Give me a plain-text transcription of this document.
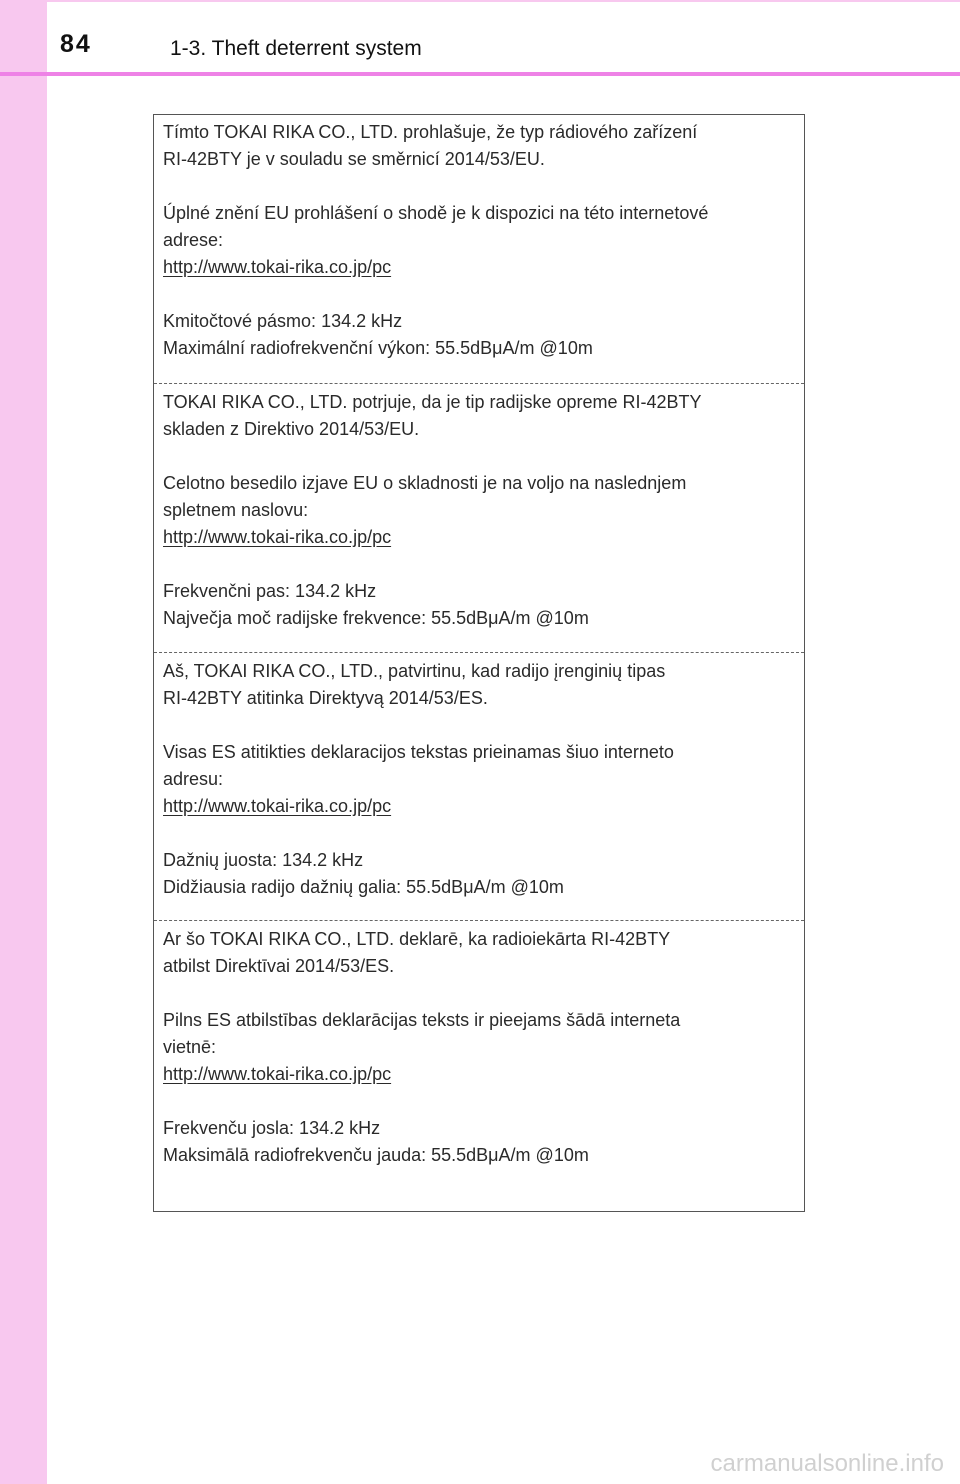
84	1-3. Theft deterrent system

Tímto TOKAI RIKA CO., LTD. prohlašuje, že typ rádiového zařízení

RI-42BTY je v souladu se směrnicí 2014/53/EU.

Úplné znění EU prohlášení o shodě je k dispozici na této internetové

adrese:

http://www.tokai-rika.co.jp/pc

Kmitočtové pásmo: 134.2 kHz

Maximální radiofrekvenční výkon: 55.5dBμA/m @10m

TOKAI RIKA CO., LTD. potrjuje, da je tip radijske opreme RI-42BTY

skladen z Direktivo 2014/53/EU.

Celotno besedilo izjave EU o skladnosti je na voljo na naslednjem

spletnem naslovu:

http://www.tokai-rika.co.jp/pc

Frekvenčni pas: 134.2 kHz

Največja moč radijske frekvence: 55.5dBμA/m @10m

Aš, TOKAI RIKA CO., LTD., patvirtinu, kad radijo įrenginių tipas

RI-42BTY atitinka Direktyvą 2014/53/ES.

Visas ES atitikties deklaracijos tekstas prieinamas šiuo interneto

adresu:

http://www.tokai-rika.co.jp/pc

Dažnių juosta: 134.2 kHz

Didžiausia radijo dažnių galia: 55.5dBμA/m @10m

Ar šo TOKAI RIKA CO., LTD. deklarē, ka radioiekārta RI-42BTY

atbilst Direktīvai 2014/53/ES.

Pilns ES atbilstības deklarācijas teksts ir pieejams šādā interneta

vietnē:

http://www.tokai-rika.co.jp/pc

Frekvenču josla: 134.2 kHz

Maksimālā radiofrekvenču jauda: 55.5dBμA/m @10m

carmanualsonline.info
